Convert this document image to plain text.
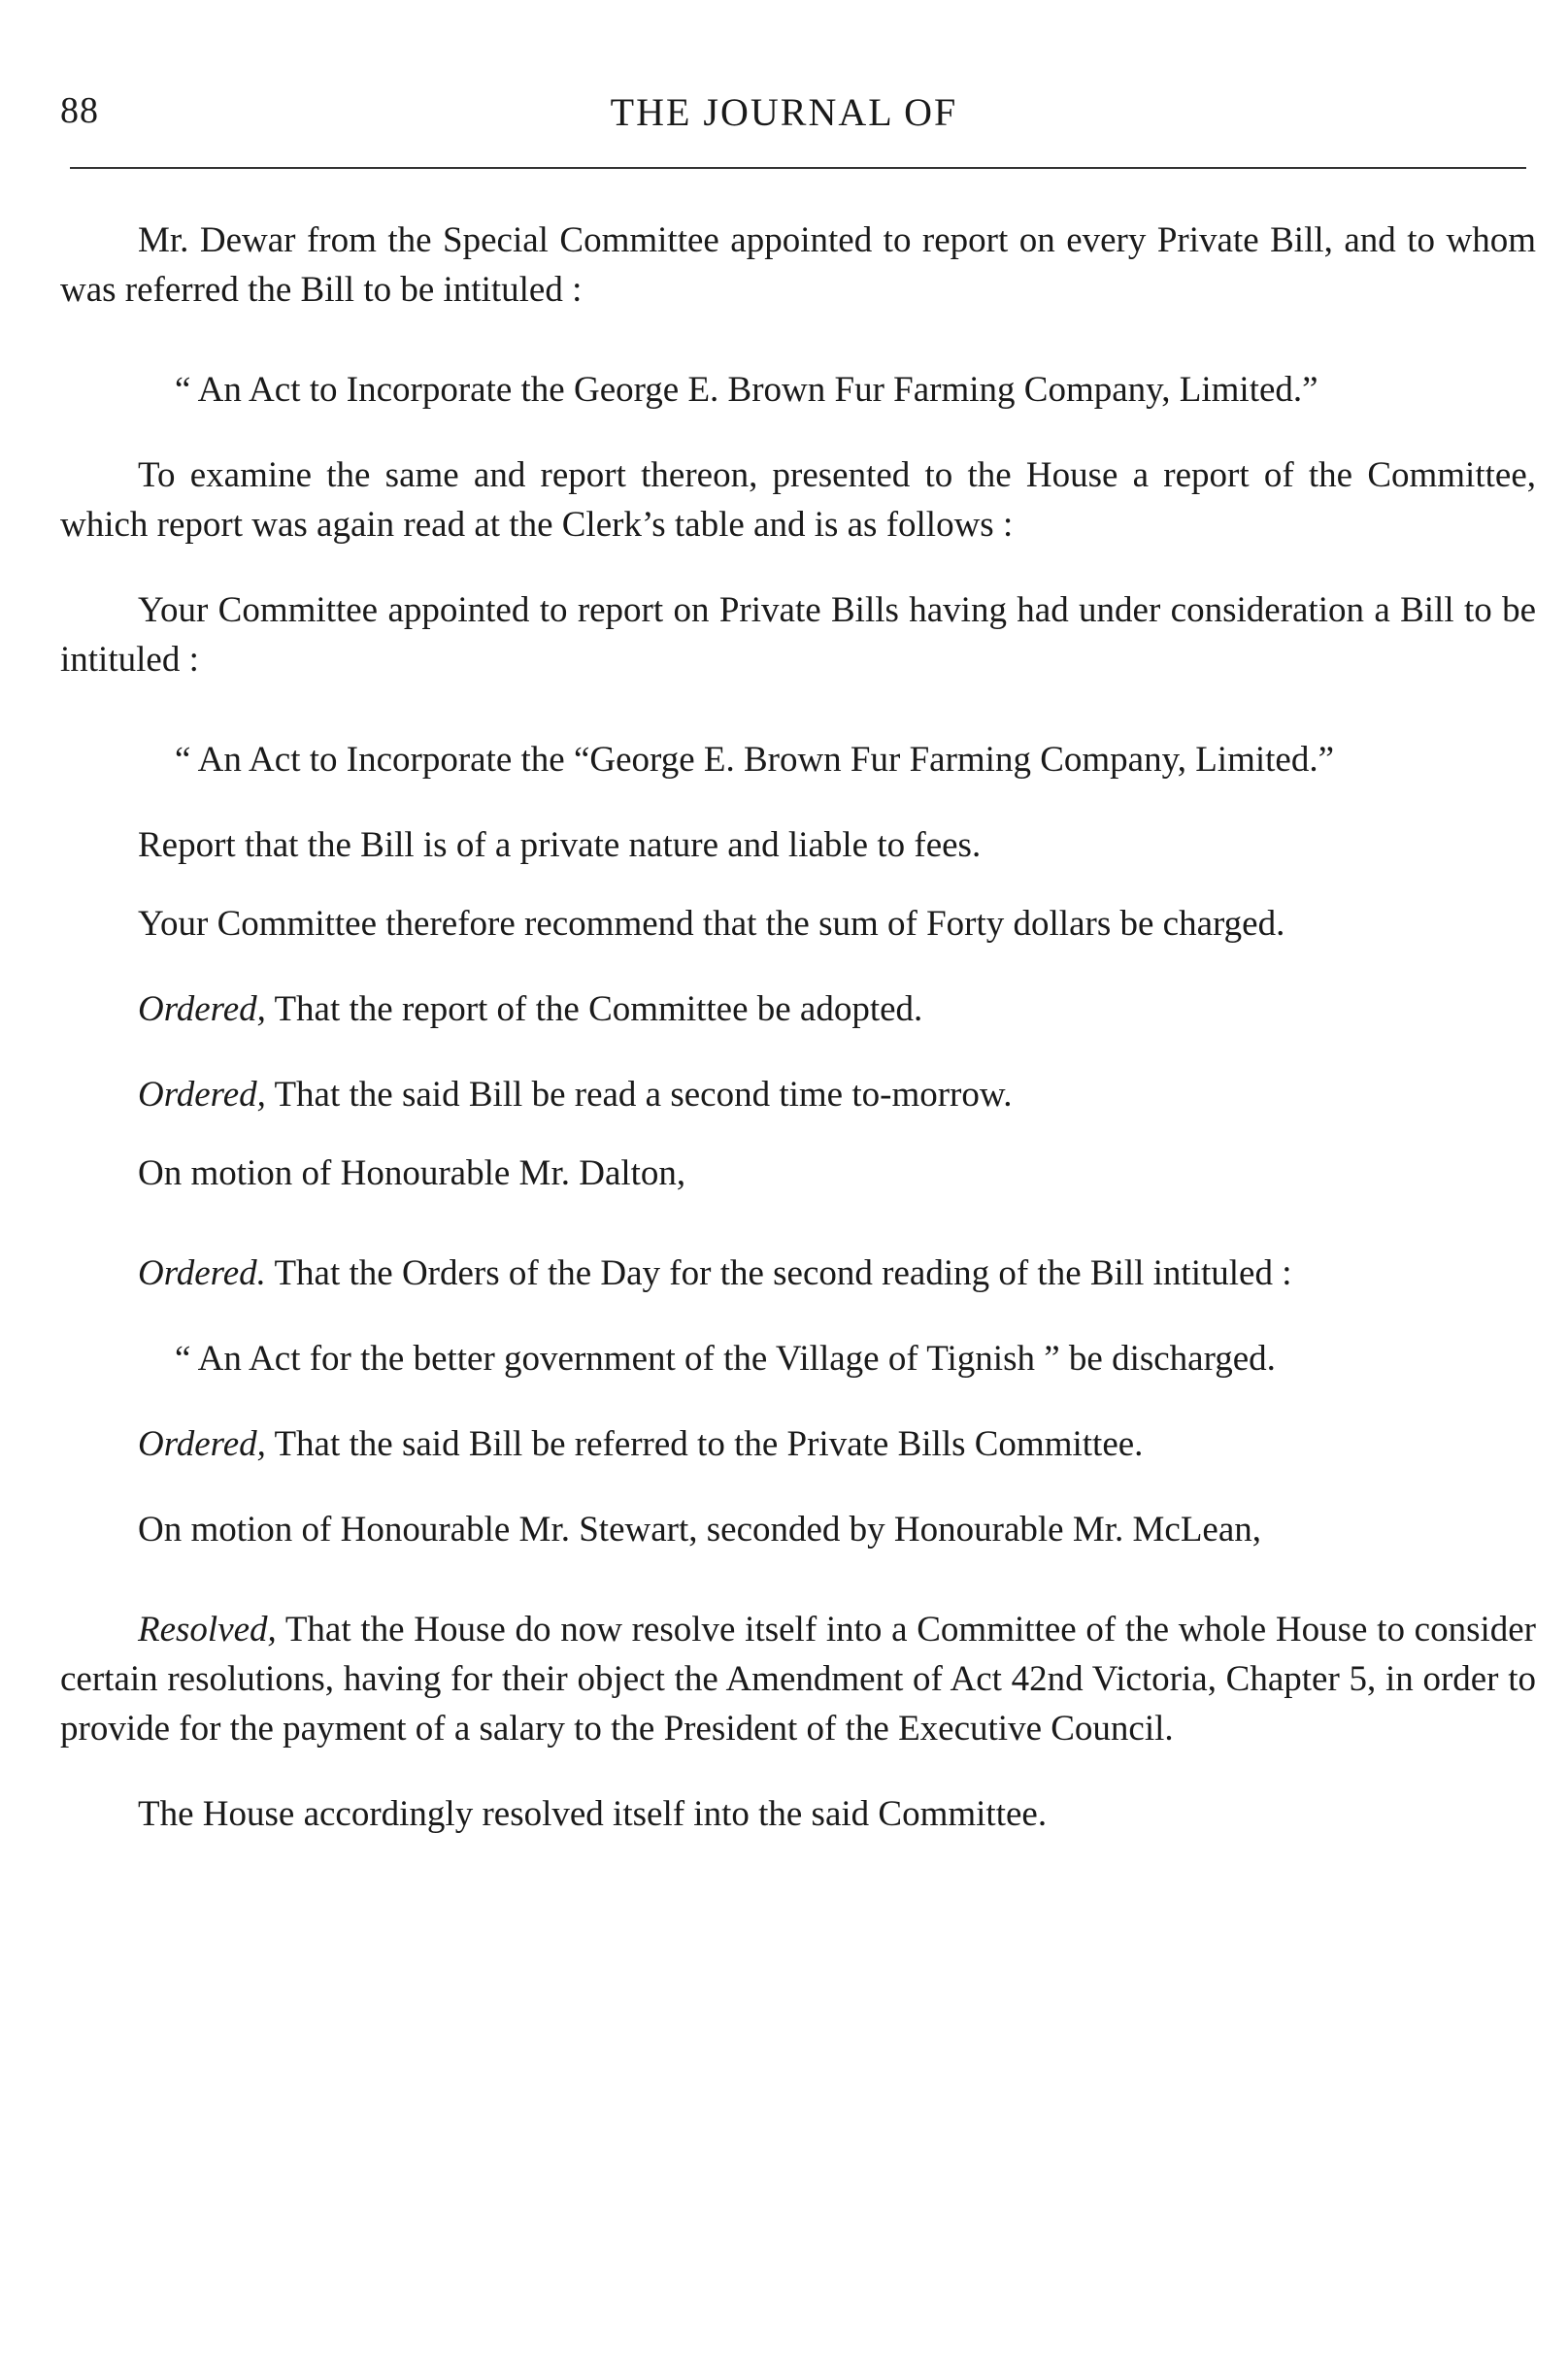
88	THE JOURNAL OF

Mr. Dewar from the Special Committee appointed to report on every Private Bill, and to whom was referred the Bill to be intituled :

“ An Act to Incorporate the George E. Brown Fur Farming Company, Limited.”

To examine the same and report thereon, presented to the House a report of the Committee, which report was again read at the Clerk’s table and is as follows :

Your Committee appointed to report on Private Bills having had under consideration a Bill to be intituled :

“ An Act to Incorporate the “George E. Brown Fur Farming Company, Limited.”

Report that the Bill is of a private nature and liable to fees.

Your Committee therefore recommend that the sum of Forty dollars be charged.

Ordered, That the report of the Committee be adopted.

Ordered, That the said Bill be read a second time to-morrow.

On motion of Honourable Mr. Dalton,

Ordered. That the Orders of the Day for the second reading of the Bill intituled :

“ An Act for the better government of the Village of Tignish ” be discharged.

Ordered, That the said Bill be referred to the Private Bills Committee.

On motion of Honourable Mr. Stewart, seconded by Honourable Mr. McLean,

Resolved, That the House do now resolve itself into a Committee of the whole House to consider certain resolutions, having for their object the Amendment of Act 42nd Victoria, Chapter 5, in order to provide for the payment of a salary to the President of the Executive Council.

The House accordingly resolved itself into the said Committee.
